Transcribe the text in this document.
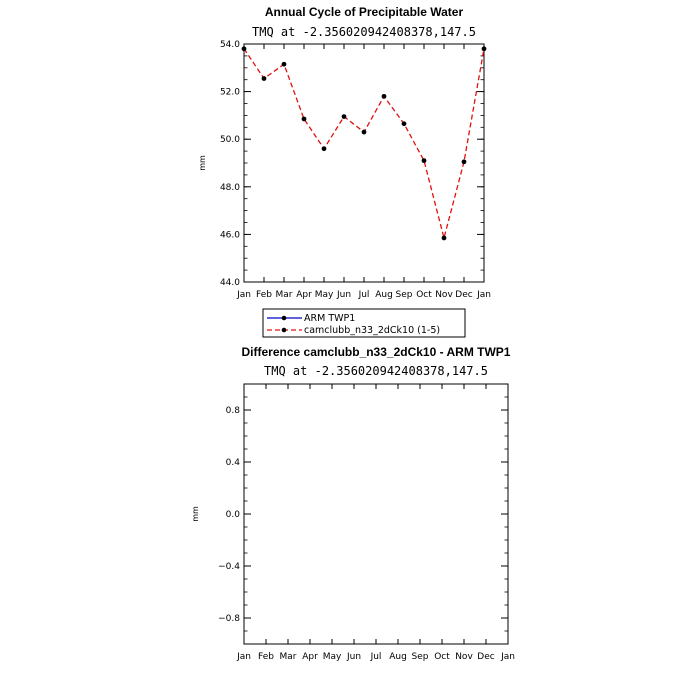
Annual Cycle of Precipitable Water
TMQ at -2.356020942408378,147.5
mm
Jan Feb Mar Apr May Jun Jul Aug Sep Oct Nov Dec Jan
44.0
46.0
48.0
50.0
52.0
54.0
ARM TWP1
camclubb_n33_2dCk10 (1-5)
Difference camclubb_n33_2dCk10 - ARM TWP1
TMQ at -2.356020942408378,147.5
mm
Jan Feb Mar Apr May Jun Jul Aug Sep Oct Nov Dec Jan
−0.8
−0.4
0.0
0.4
0.8
